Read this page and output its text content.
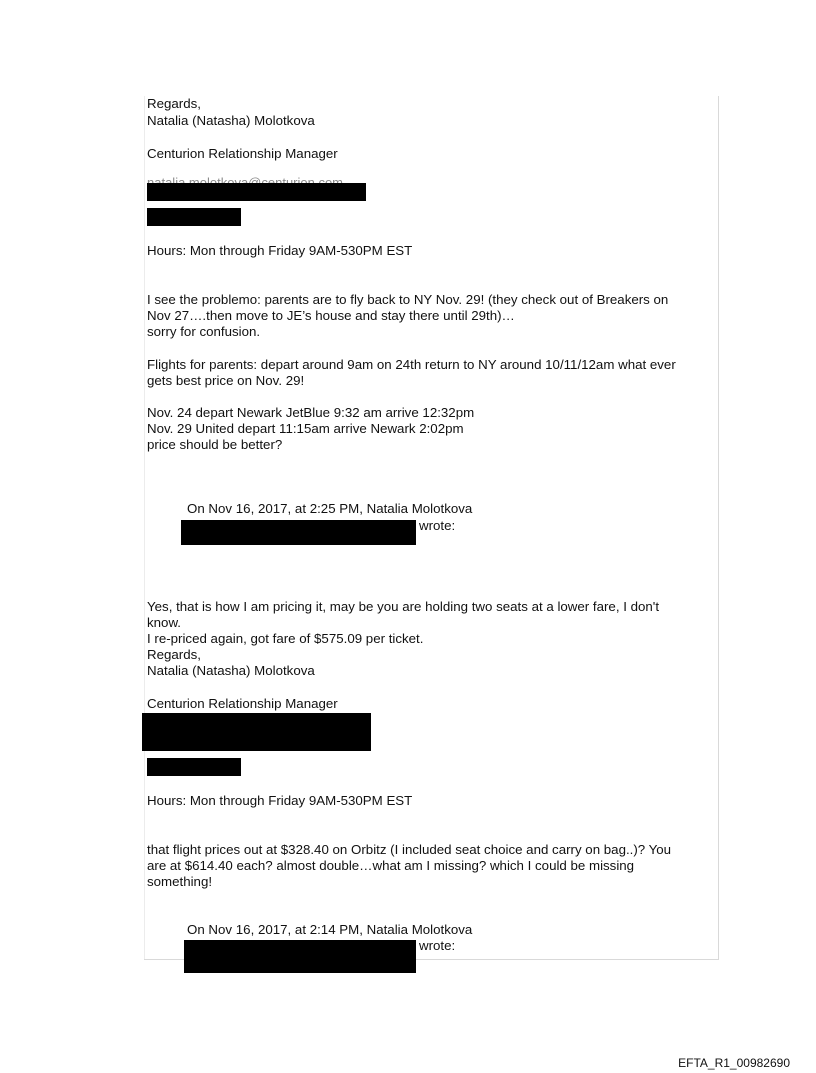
Regards,
Natalia (Natasha) Molotkova
Centurion Relationship Manager
Hours: Mon through Friday 9AM-530PM EST
I see the problemo: parents are to fly back to NY Nov. 29! (they check out of Breakers on
Nov 27….then move to JE’s house and stay there until 29th)…
sorry for confusion.
Flights for parents: depart around 9am on 24th return to NY around 10/11/12am what ever
gets best price on Nov. 29!
Nov. 24 depart Newark JetBlue 9:32 am arrive 12:32pm
Nov. 29 United depart 11:15am arrive Newark 2:02pm
price should be better?
On Nov 16, 2017, at 2:25 PM, Natalia Molotkova
wrote:
Yes, that is how I am pricing it, may be you are holding two seats at a lower fare, I don't
know.
I re-priced again, got fare of $575.09 per ticket.
Regards,
Natalia (Natasha) Molotkova
Centurion Relationship Manager
Hours: Mon through Friday 9AM-530PM EST
that flight prices out at $328.40 on Orbitz (I included seat choice and carry on bag..)? You
are at $614.40 each? almost double…what am I missing? which I could be missing
something!
On Nov 16, 2017, at 2:14 PM, Natalia Molotkova
wrote:
EFTA_R1_00982690
